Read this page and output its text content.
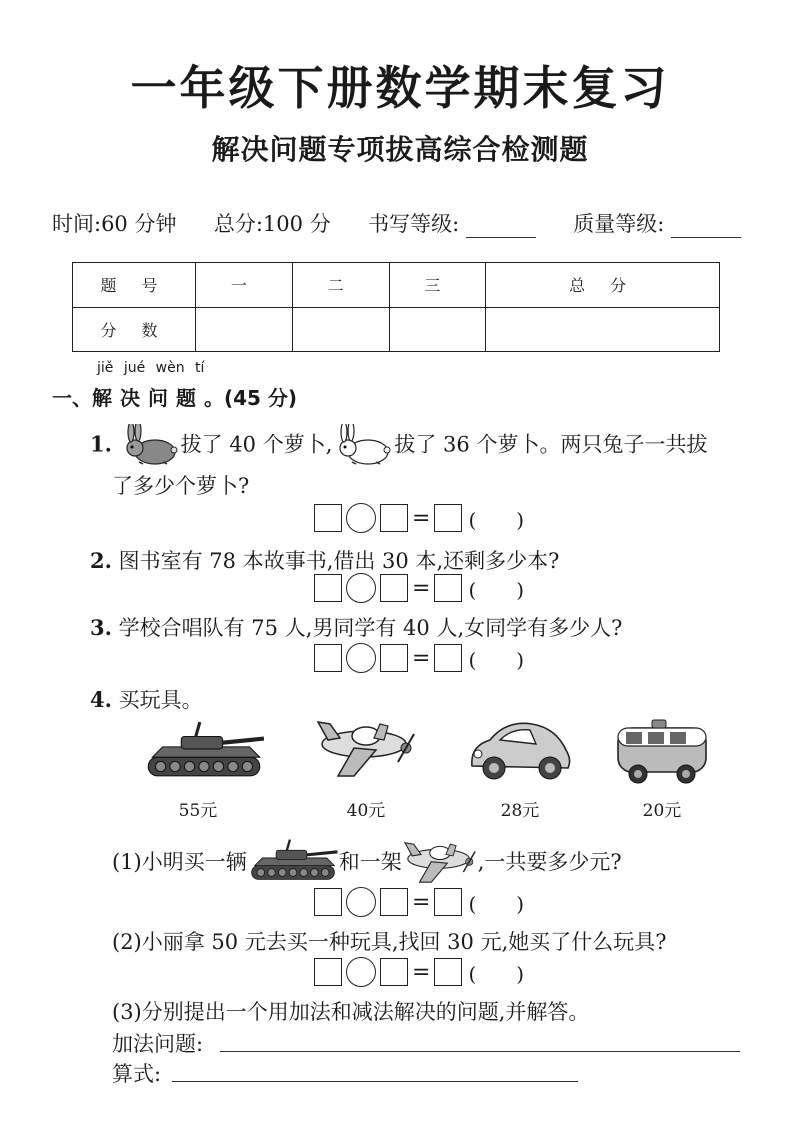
一年级下册数学期末复习
解决问题专项拔高综合检测题
时间:60 分钟 总分:100 分 书写等级:	质量等级:
题 号	一	二	三	总 分
分 数				
jiě jué wèn tí
一、解决问题。(45 分)
1.	拔了 40 个萝卜,	拔了 36 个萝卜。两只兔子一共拔
了多少个萝卜?
= (　　)
2. 图书室有 78 本故事书,借出 30 本,还剩多少本?
= (　　)
3. 学校合唱队有 75 人,男同学有 40 人,女同学有多少人?
= (　　)
4. 买玩具。
55元	40元	28元	20元
(1)小明买一辆	和一架	,一共要多少元?
= (　　)
(2)小丽拿 50 元去买一种玩具,找回 30 元,她买了什么玩具?
= (　　)
(3)分别提出一个用加法和减法解决的问题,并解答。
加法问题:
算式:
